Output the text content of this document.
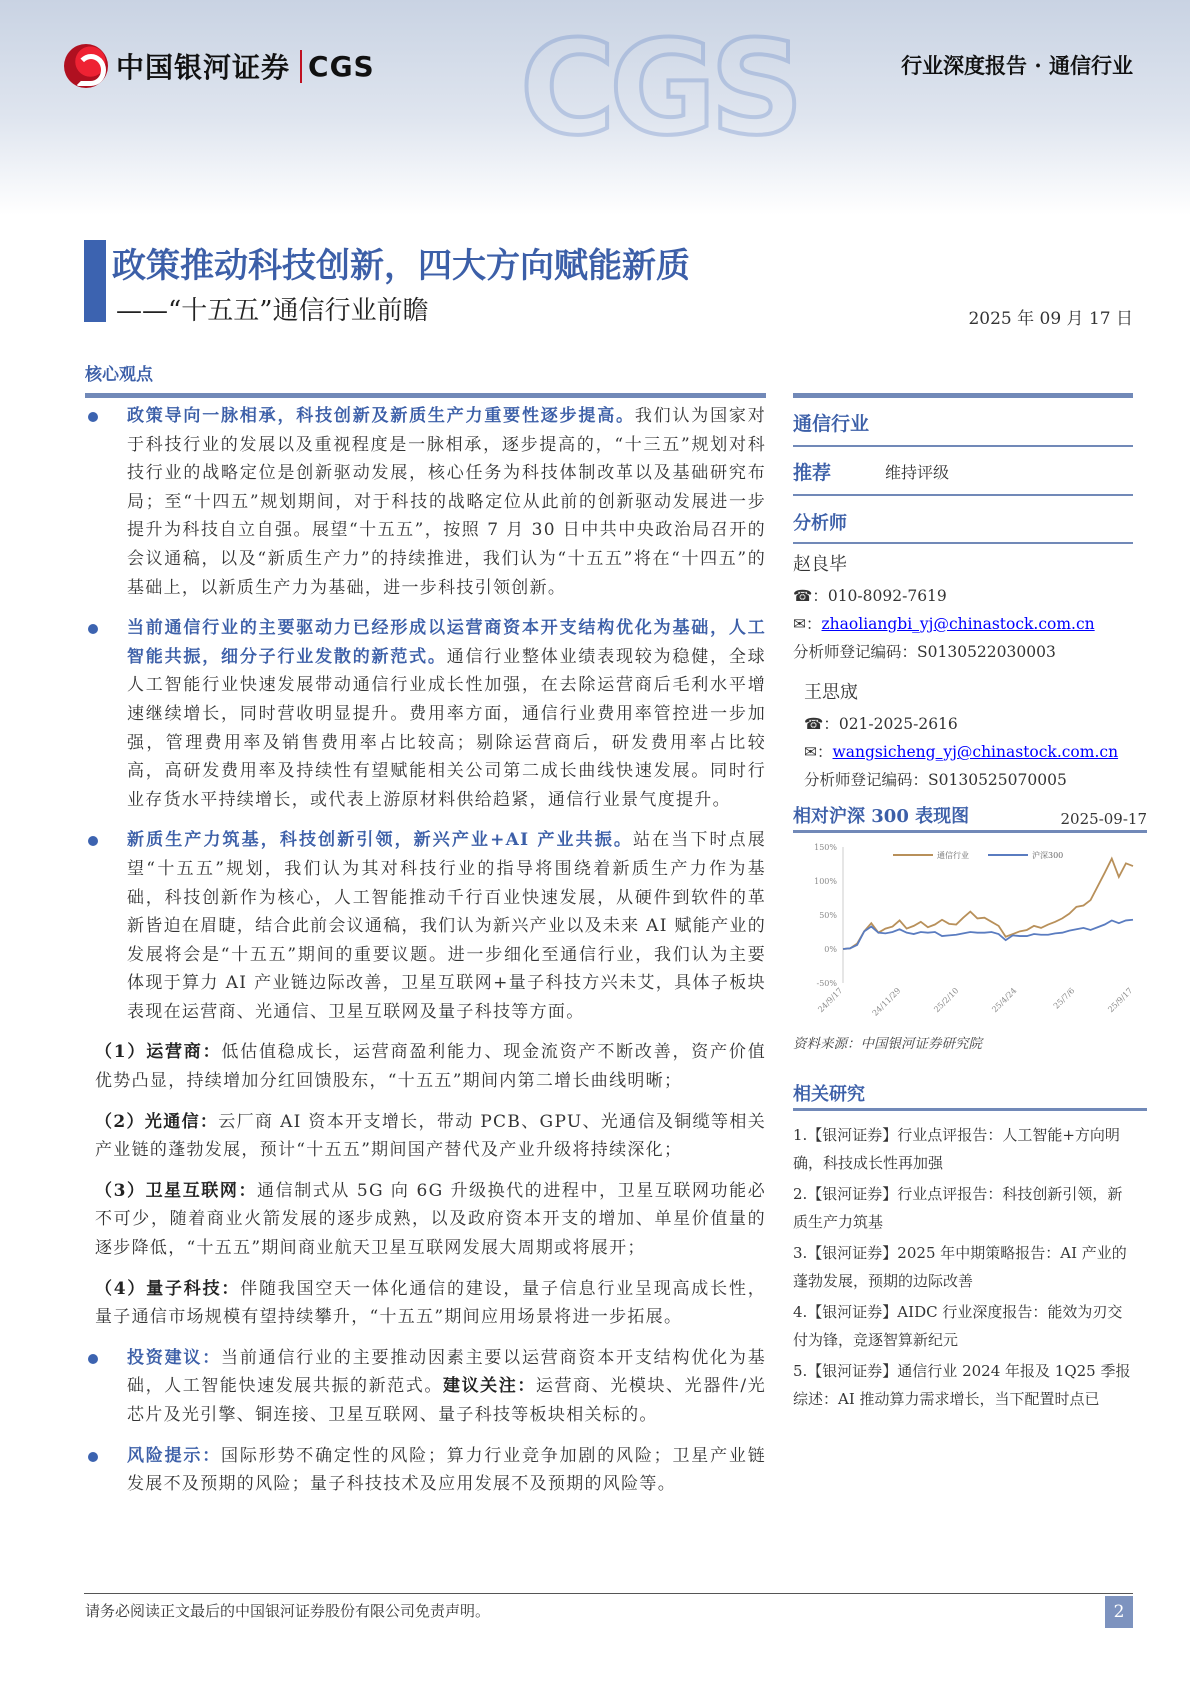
CGS
中国银河证券 CGS	行业深度报告 · 通信行业
政策推动科技创新，四大方向赋能新质
——“十五五”通信行业前瞻	2025 年 09 月 17 日
核心观点
政策导向一脉相承，科技创新及新质生产力重要性逐步提高。我们认为国家对于科技行业的发展以及重视程度是一脉相承，逐步提高的，“十三五”规划对科技行业的战略定位是创新驱动发展，核心任务为科技体制改革以及基础研究布局；至“十四五”规划期间，对于科技的战略定位从此前的创新驱动发展进一步提升为科技自立自强。展望“十五五”，按照 7 月 30 日中共中央政治局召开的会议通稿，以及“新质生产力”的持续推进，我们认为“十五五”将在“十四五”的基础上，以新质生产力为基础，进一步科技引领创新。
当前通信行业的主要驱动力已经形成以运营商资本开支结构优化为基础，人工智能共振，细分子行业发散的新范式。通信行业整体业绩表现较为稳健，全球人工智能行业快速发展带动通信行业成长性加强，在去除运营商后毛利水平增速继续增长，同时营收明显提升。费用率方面，通信行业费用率管控进一步加强，管理费用率及销售费用率占比较高；剔除运营商后，研发费用率占比较高，高研发费用率及持续性有望赋能相关公司第二成长曲线快速发展。同时行业存货水平持续增长，或代表上游原材料供给趋紧，通信行业景气度提升。
新质生产力筑基，科技创新引领，新兴产业+AI 产业共振。站在当下时点展望“十五五”规划，我们认为其对科技行业的指导将围绕着新质生产力作为基础，科技创新作为核心，人工智能推动千行百业快速发展，从硬件到软件的革新皆迫在眉睫，结合此前会议通稿，我们认为新兴产业以及未来 AI 赋能产业的发展将会是“十五五”期间的重要议题。进一步细化至通信行业，我们认为主要体现于算力 AI 产业链边际改善，卫星互联网+量子科技方兴未艾，具体子板块表现在运营商、光通信、卫星互联网及量子科技等方面。
（1）运营商：低估值稳成长，运营商盈利能力、现金流资产不断改善，资产价值优势凸显，持续增加分红回馈股东，“十五五”期间内第二增长曲线明晰；
（2）光通信：云厂商 AI 资本开支增长，带动 PCB、GPU、光通信及铜缆等相关产业链的蓬勃发展，预计“十五五”期间国产替代及产业升级将持续深化；
（3）卫星互联网：通信制式从 5G 向 6G 升级换代的进程中，卫星互联网功能必不可少，随着商业火箭发展的逐步成熟，以及政府资本开支的增加、单星价值量的逐步降低，“十五五”期间商业航天卫星互联网发展大周期或将展开；
（4）量子科技：伴随我国空天一体化通信的建设，量子信息行业呈现高成长性，量子通信市场规模有望持续攀升，“十五五”期间应用场景将进一步拓展。
投资建议：当前通信行业的主要推动因素主要以运营商资本开支结构优化为基础，人工智能快速发展共振的新范式。建议关注：运营商、光模块、光器件/光芯片及光引擎、铜连接、卫星互联网、量子科技等板块相关标的。
风险提示：国际形势不确定性的风险；算力行业竞争加剧的风险；卫星产业链发展不及预期的风险；量子科技技术及应用发展不及预期的风险等。
通信行业
推荐	维持评级
分析师
赵良毕
☎：010-8092-7619
✉：zhaoliangbi_yj@chinastock.com.cn
分析师登记编码：S0130522030003
王思宬
☎：021-2025-2616
✉：wangsicheng_yj@chinastock.com.cn
分析师登记编码：S0130525070005
相对沪深 300 表现图	2025-09-17
150%
100%
50%
0%
-50%
24/9/17	24/11/29	25/2/10	25/4/24	25/7/6	25/9/17
通信行业	沪深300
资料来源：中国银河证券研究院
相关研究
1.【银河证券】行业点评报告：人工智能+方向明确，科技成长性再加强
2.【银河证券】行业点评报告：科技创新引领，新质生产力筑基
3.【银河证券】2025 年中期策略报告：AI 产业的蓬勃发展，预期的边际改善
4.【银河证券】AIDC 行业深度报告：能效为刃交付为锋，竞逐智算新纪元
5.【银河证券】通信行业 2024 年报及 1Q25 季报综述：AI 推动算力需求增长，当下配置时点已
请务必阅读正文最后的中国银河证券股份有限公司免责声明。	2
